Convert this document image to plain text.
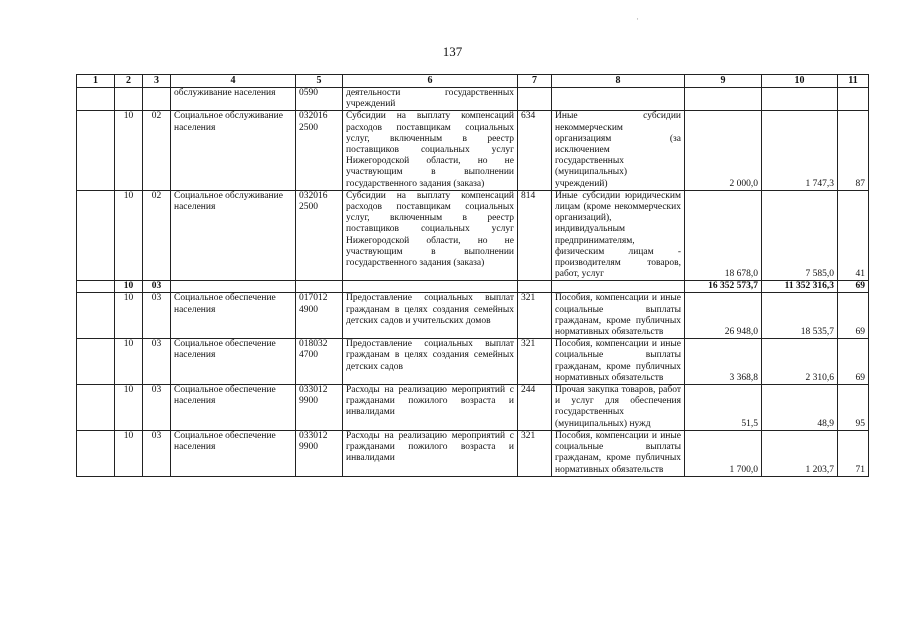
137
1	2	3	4	5	6	7	8	9	10	11
			обслуживание населения	0590	деятельности государственных учреждений					
	10	02	Социальное обслуживание населения	032016 2500	Субсидии на выплату компенсаций расходов поставщикам социальных услуг, включенным в реестр поставщиков социальных услуг Нижегородской области, но не участвующим в выполнении государственного задания (заказа)	634	Иные субсидии некоммерческим организациям (за исключением государственных (муниципальных) учреждений)	2 000,0	1 747,3	87
	10	02	Социальное обслуживание населения	032016 2500	Субсидии на выплату компенсаций расходов поставщикам социальных услуг, включенным в реестр поставщиков социальных услуг Нижегородской области, но не участвующим в выполнении государственного задания (заказа)	814	Иные субсидии юридическим лицам (кроме некоммерческих организаций), индивидуальным предпринимателям, физическим лицам - производителям товаров, работ, услуг	18 678,0	7 585,0	41
	10	03						16 352 573,7	11 352 316,3	69
	10	03	Социальное обеспечение населения	017012 4900	Предоставление социальных выплат гражданам в целях создания семейных детских садов и учительских домов	321	Пособия, компенсации и иные социальные выплаты гражданам, кроме публичных нормативных обязательств	26 948,0	18 535,7	69
	10	03	Социальное обеспечение населения	018032 4700	Предоставление социальных выплат гражданам в целях создания семейных детских садов	321	Пособия, компенсации и иные социальные выплаты гражданам, кроме публичных нормативных обязательств	3 368,8	2 310,6	69
	10	03	Социальное обеспечение населения	033012 9900	Расходы на реализацию мероприятий с гражданами пожилого возраста и инвалидами	244	Прочая закупка товаров, работ и услуг для обеспечения государственных (муниципальных) нужд	51,5	48,9	95
	10	03	Социальное обеспечение населения	033012 9900	Расходы на реализацию мероприятий с гражданами пожилого возраста и инвалидами	321	Пособия, компенсации и иные социальные выплаты гражданам, кроме публичных нормативных обязательств	1 700,0	1 203,7	71
·
